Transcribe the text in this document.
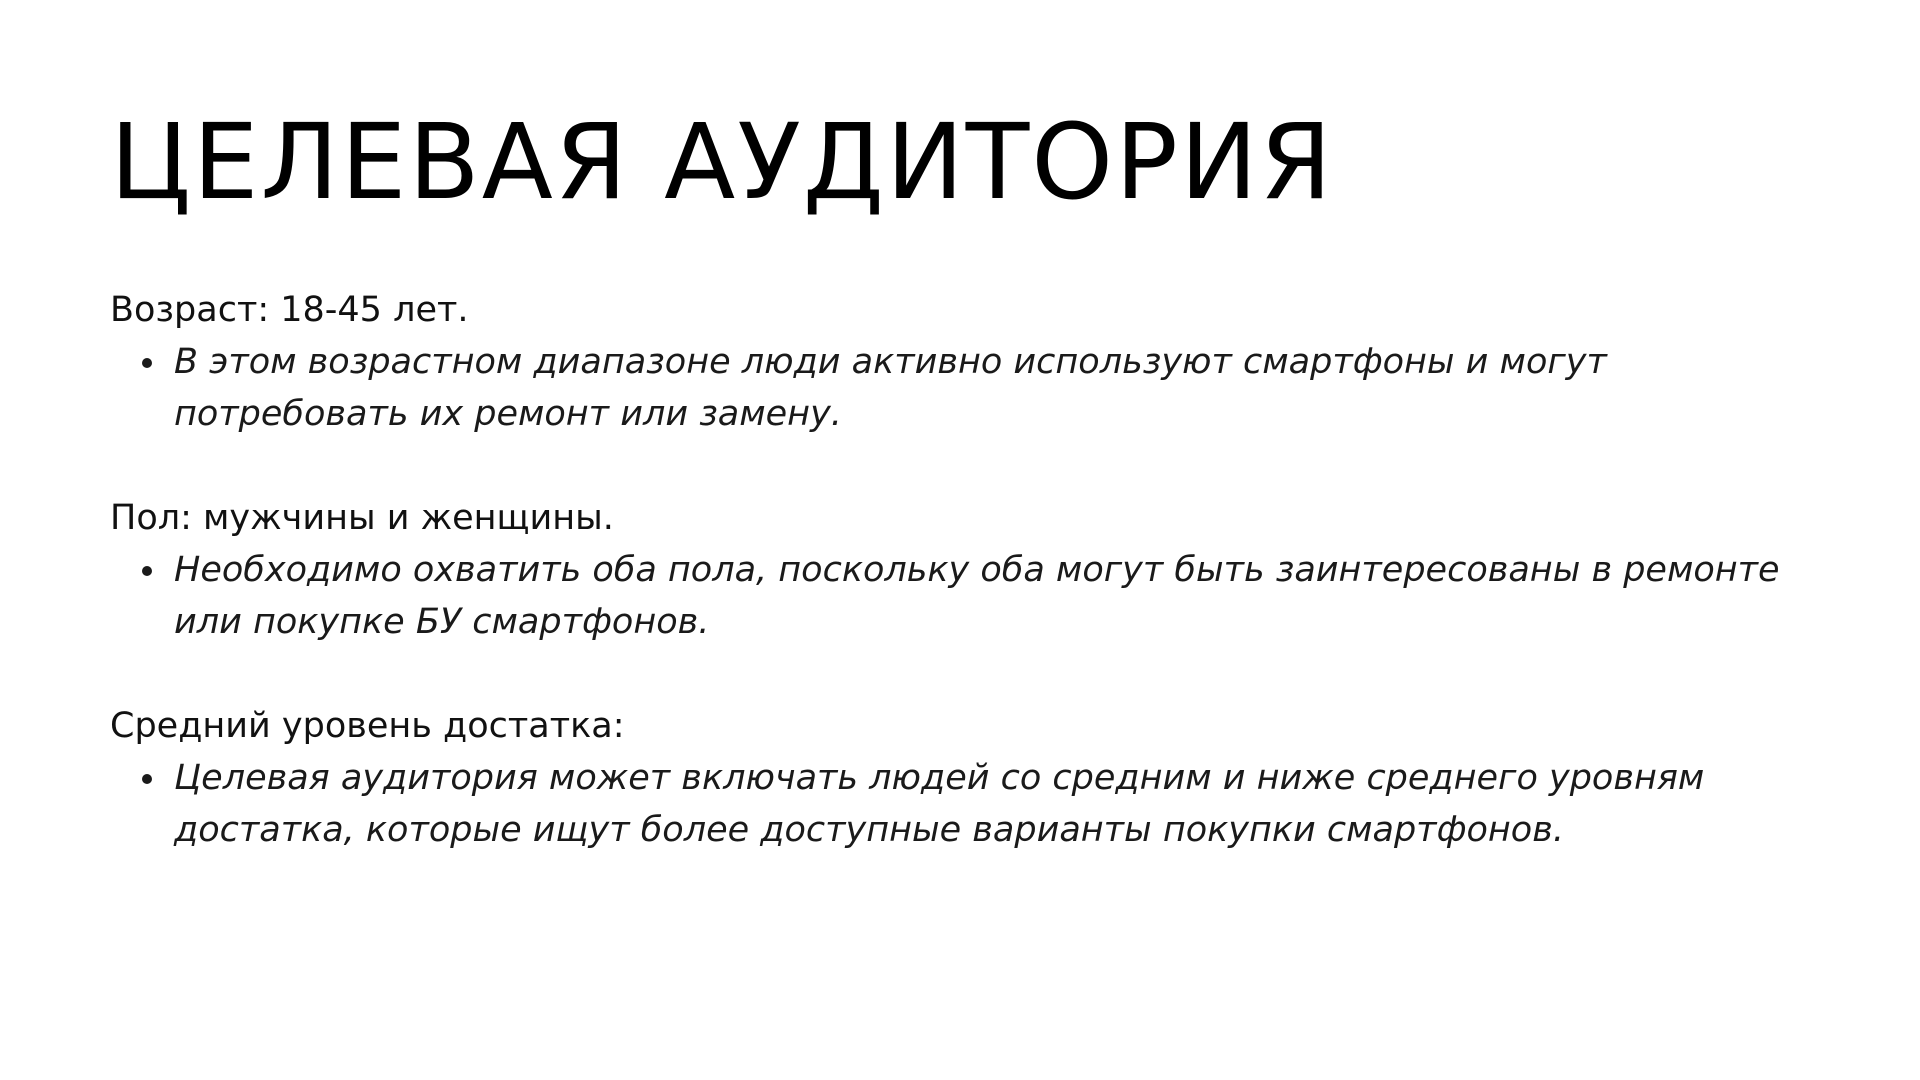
ЦЕЛЕВАЯ АУДИТОРИЯ

Возраст: 18-45 лет.

В этом возрастном диапазоне люди активно используют смартфоны и могут потребовать их ремонт или замену.

Пол: мужчины и женщины.

Необходимо охватить оба пола, поскольку оба могут быть заинтересованы в ремонте или покупке БУ смартфонов.

Средний уровень достатка:

Целевая аудитория может включать людей со средним и ниже среднего уровням достатка, которые ищут более доступные варианты покупки смартфонов.
